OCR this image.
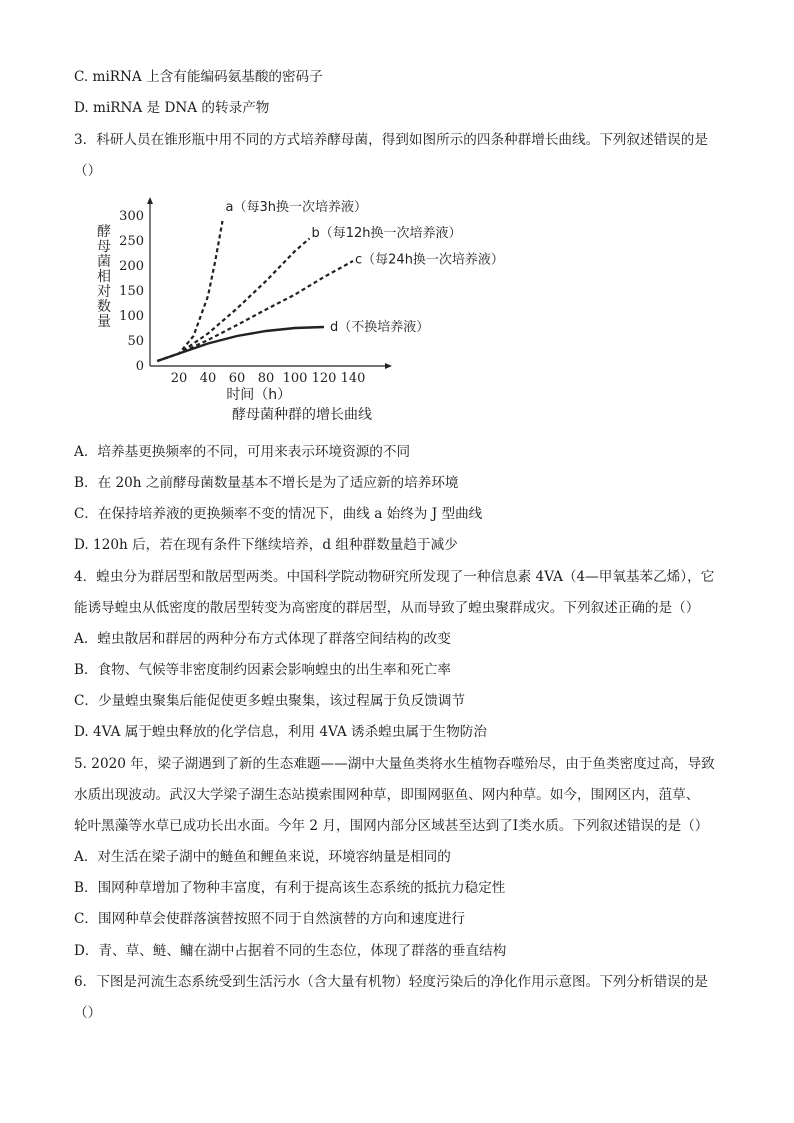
C. miRNA 上含有能编码氨基酸的密码子
D. miRNA 是 DNA 的转录产物
3．科研人员在锥形瓶中用不同的方式培养酵母菌，得到如图所示的四条种群增长曲线。下列叙述错误的是
（）
0
50
100
150
200
250
300
20 40 60 80 100 120 140
酵
母
菌
相
对
数
量
时间（h）
a（每3h换一次培养液）
b（每12h换一次培养液）
c（每24h换一次培养液）
d（不换培养液）
酵母菌种群的增长曲线
A．培养基更换频率的不同，可用来表示环境资源的不同
B．在 20h 之前酵母菌数量基本不增长是为了适应新的培养环境
C．在保持培养液的更换频率不变的情况下，曲线 a 始终为 J 型曲线
D. 120h 后，若在现有条件下继续培养，d 组种群数量趋于减少
4．蝗虫分为群居型和散居型两类。中国科学院动物研究所发现了一种信息素 4VA（4—甲氧基苯乙烯），它
能诱导蝗虫从低密度的散居型转变为高密度的群居型，从而导致了蝗虫聚群成灾。下列叙述正确的是（）
A．蝗虫散居和群居的两种分布方式体现了群落空间结构的改变
B．食物、气候等非密度制约因素会影响蝗虫的出生率和死亡率
C．少量蝗虫聚集后能促使更多蝗虫聚集，该过程属于负反馈调节
D. 4VA 属于蝗虫释放的化学信息，利用 4VA 诱杀蝗虫属于生物防治
5. 2020 年，梁子湖遇到了新的生态难题——湖中大量鱼类将水生植物吞噬殆尽，由于鱼类密度过高，导致
水质出现波动。武汉大学梁子湖生态站摸索围网种草，即围网驱鱼、网内种草。如今，围网区内，菹草、
轮叶黑藻等水草已成功长出水面。今年 2 月，围网内部分区域甚至达到了Ⅰ类水质。下列叙述错误的是（）
A．对生活在梁子湖中的鲢鱼和鲤鱼来说，环境容纳量是相同的
B．围网种草增加了物种丰富度，有利于提高该生态系统的抵抗力稳定性
C．围网种草会使群落演替按照不同于自然演替的方向和速度进行
D．青、草、鲢、鳙在湖中占据着不同的生态位，体现了群落的垂直结构
6．下图是河流生态系统受到生活污水（含大量有机物）轻度污染后的净化作用示意图。下列分析错误的是
（）
